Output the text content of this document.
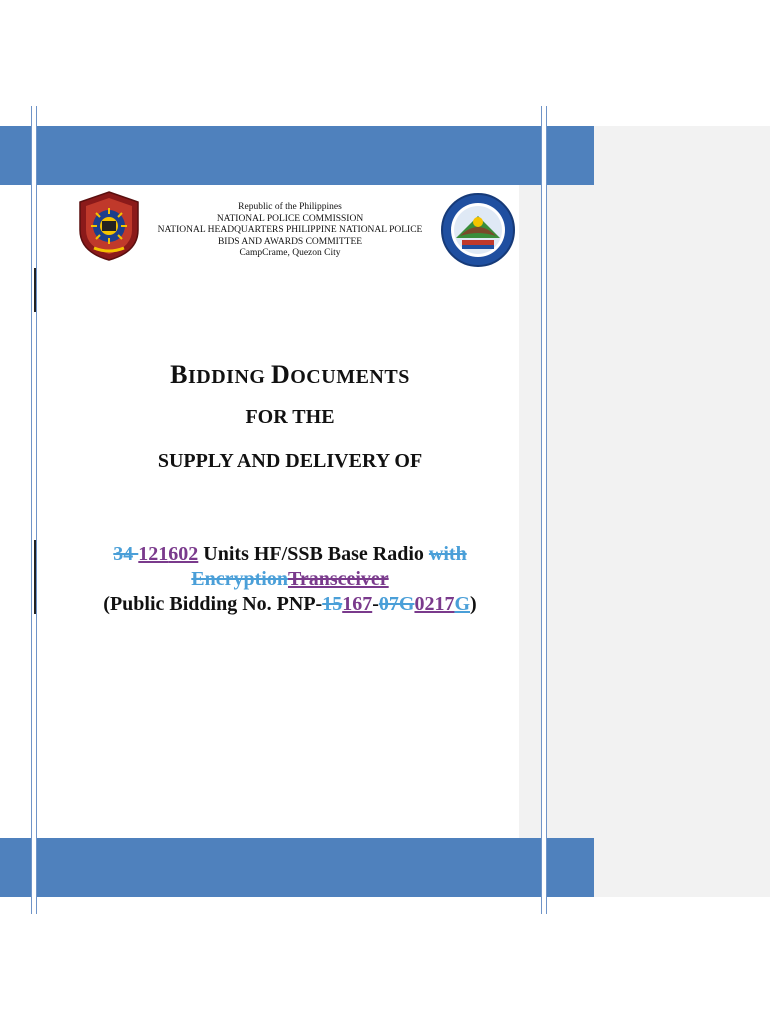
Republic of the Philippines
NATIONAL POLICE COMMISSION
NATIONAL HEADQUARTERS PHILIPPINE NATIONAL POLICE
BIDS AND AWARDS COMMITTEE
CampCrame, Quezon City
BIDDING DOCUMENTS
FOR THE
SUPPLY AND DELIVERY OF
34 121602 Units HF/SSB Base Radio with
EncryptionTransceiver
(Public Bidding No. PNP-15167-07G0217G)
